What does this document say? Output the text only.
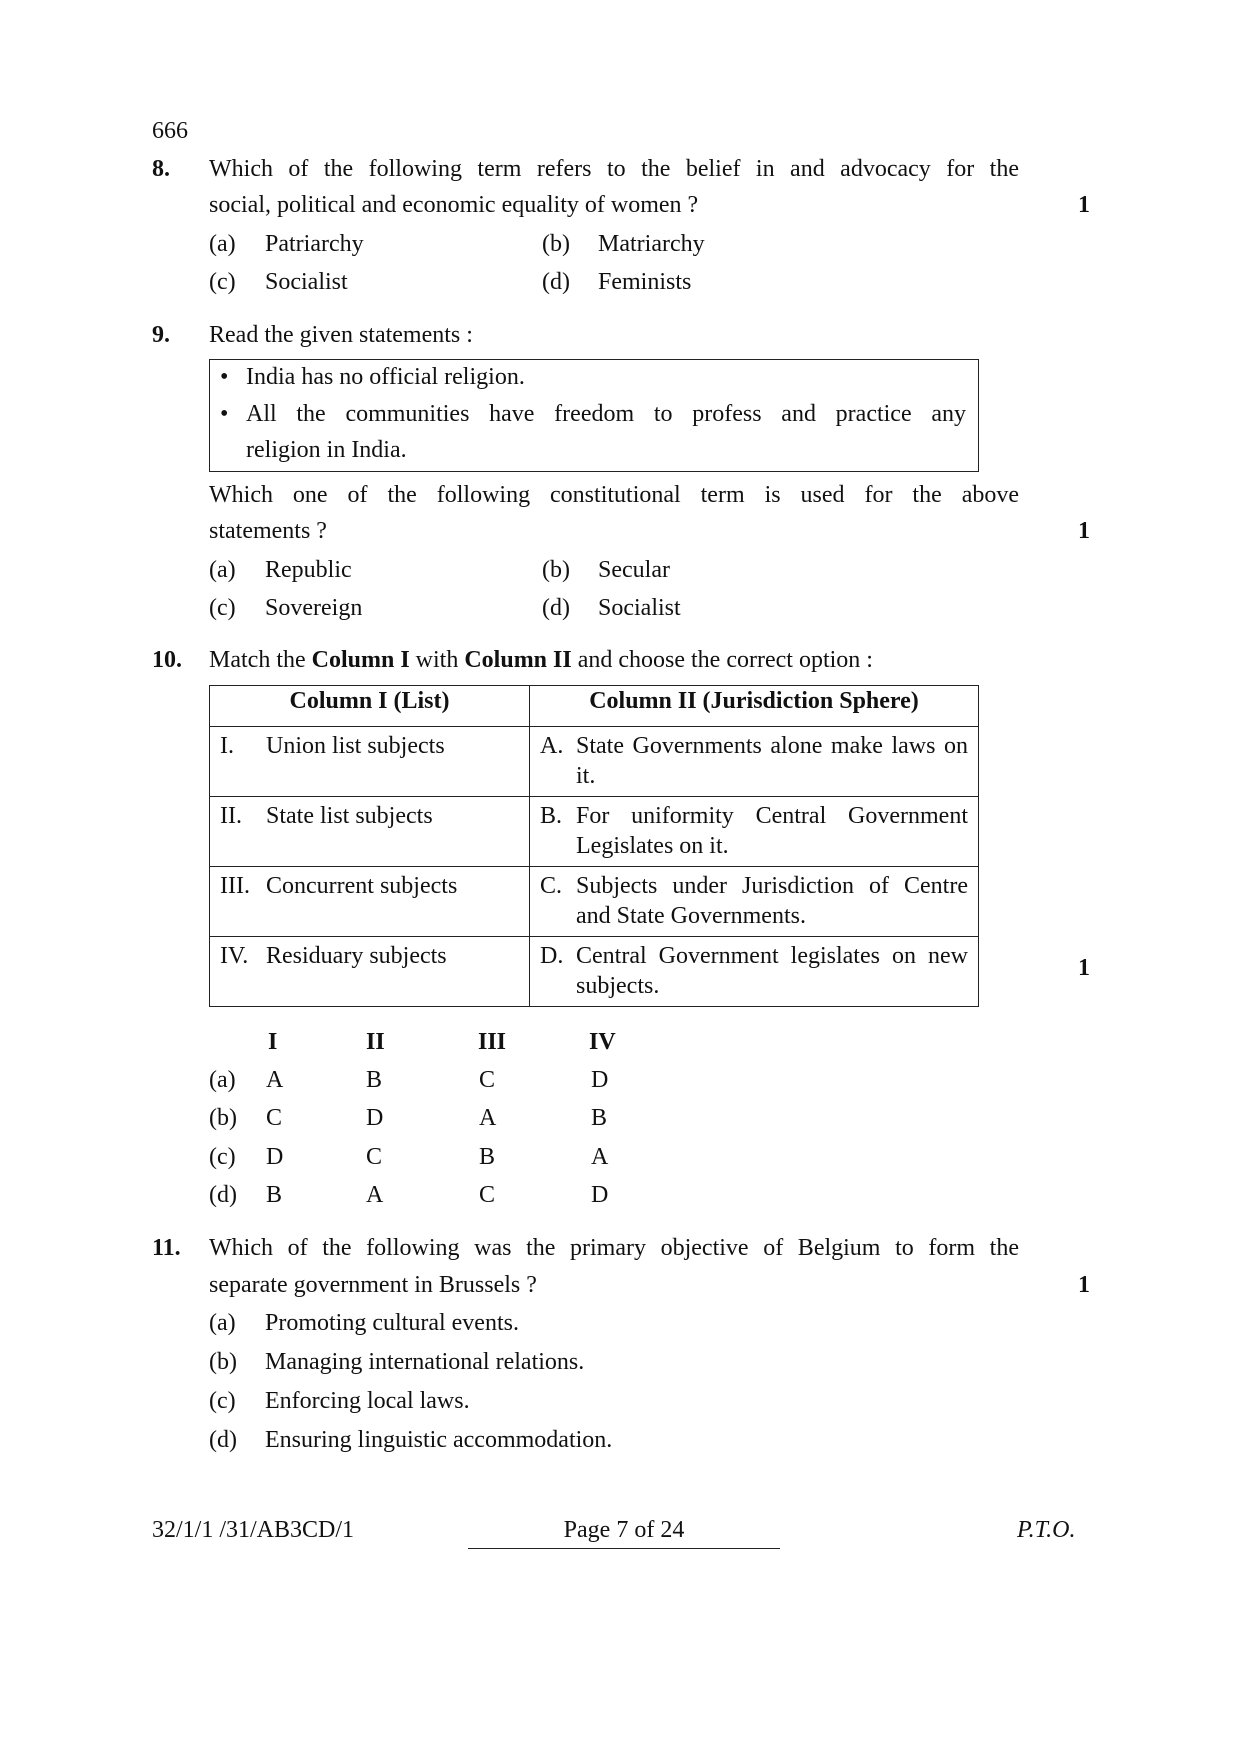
666
8. Which of the following term refers to the belief in and advocacy for the
social, political and economic equality of women ?	1
(a) Patriarchy	(b) Matriarchy
(c) Socialist	(d) Feminists
9. Read the given statements :
• India has no official religion.
• All the communities have freedom to profess and practice any
religion in India.
Which one of the following constitutional term is used for the above
statements ?	1
(a) Republic	(b) Secular
(c) Sovereign	(d) Socialist
10. Match the Column I with Column II and choose the correct option :
Column I (List)	Column II (Jurisdiction Sphere)
I. Union list subjects	A. State Governments alone make laws on it.

II. State list subjects	B. For uniformity Central Government Legislates on it.

III. Concurrent subjects	C. Subjects under Jurisdiction of Centre and State Governments.

IV. Residuary subjects	D. Central Government legislates on new subjects.
1
I	II	III	IV
(a) A	B	C	D
(b) C	D	A	B
(c) D	C	B	A
(d) B	A	C	D
11. Which of the following was the primary objective of Belgium to form the
separate government in Brussels ?	1
(a) Promoting cultural events.
(b) Managing international relations.
(c) Enforcing local laws.
(d) Ensuring linguistic accommodation.
32/1/1 /31/AB3CD/1	Page 7 of 24	P.T.O.
